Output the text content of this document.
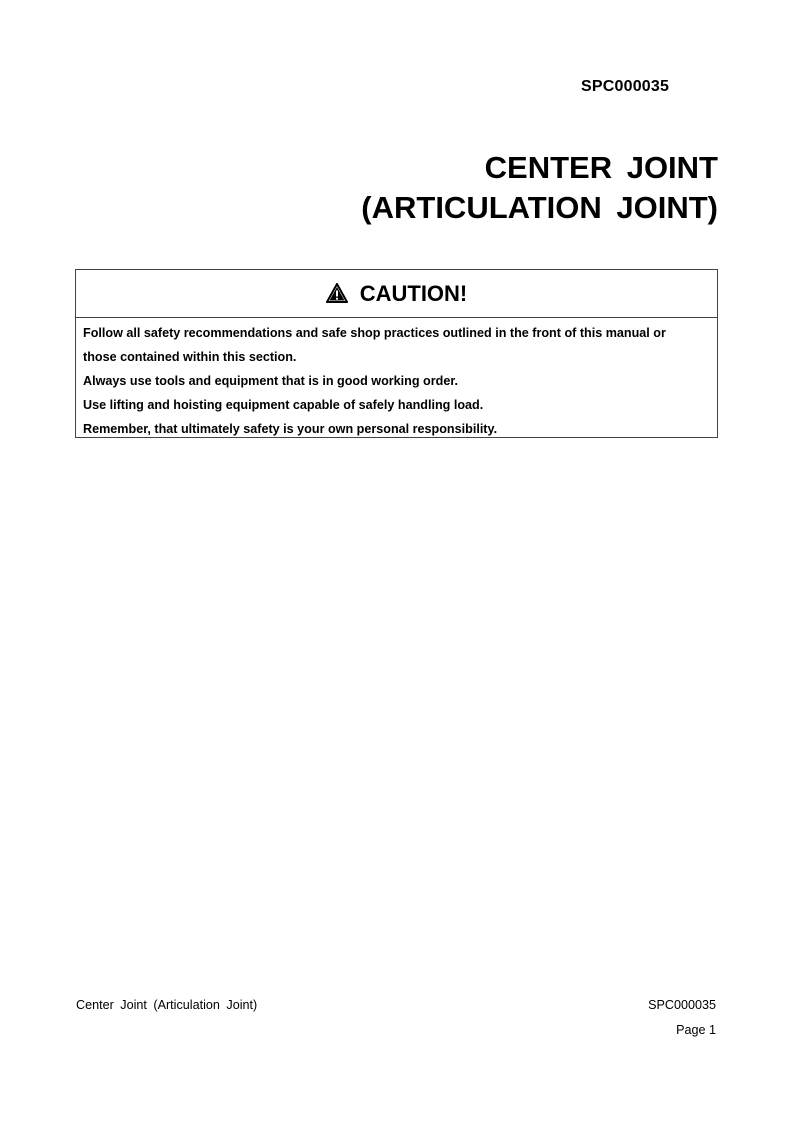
SPC000035
CENTER JOINT
(ARTICULATION JOINT)
CAUTION!
Follow all safety recommendations and safe shop practices outlined in the front of this manual or
those contained within this section.
Always use tools and equipment that is in good working order.
Use lifting and hoisting equipment capable of safely handling load.
Remember, that ultimately safety is your own personal responsibility.
Center Joint (Articulation Joint)	SPC000035
Page 1
